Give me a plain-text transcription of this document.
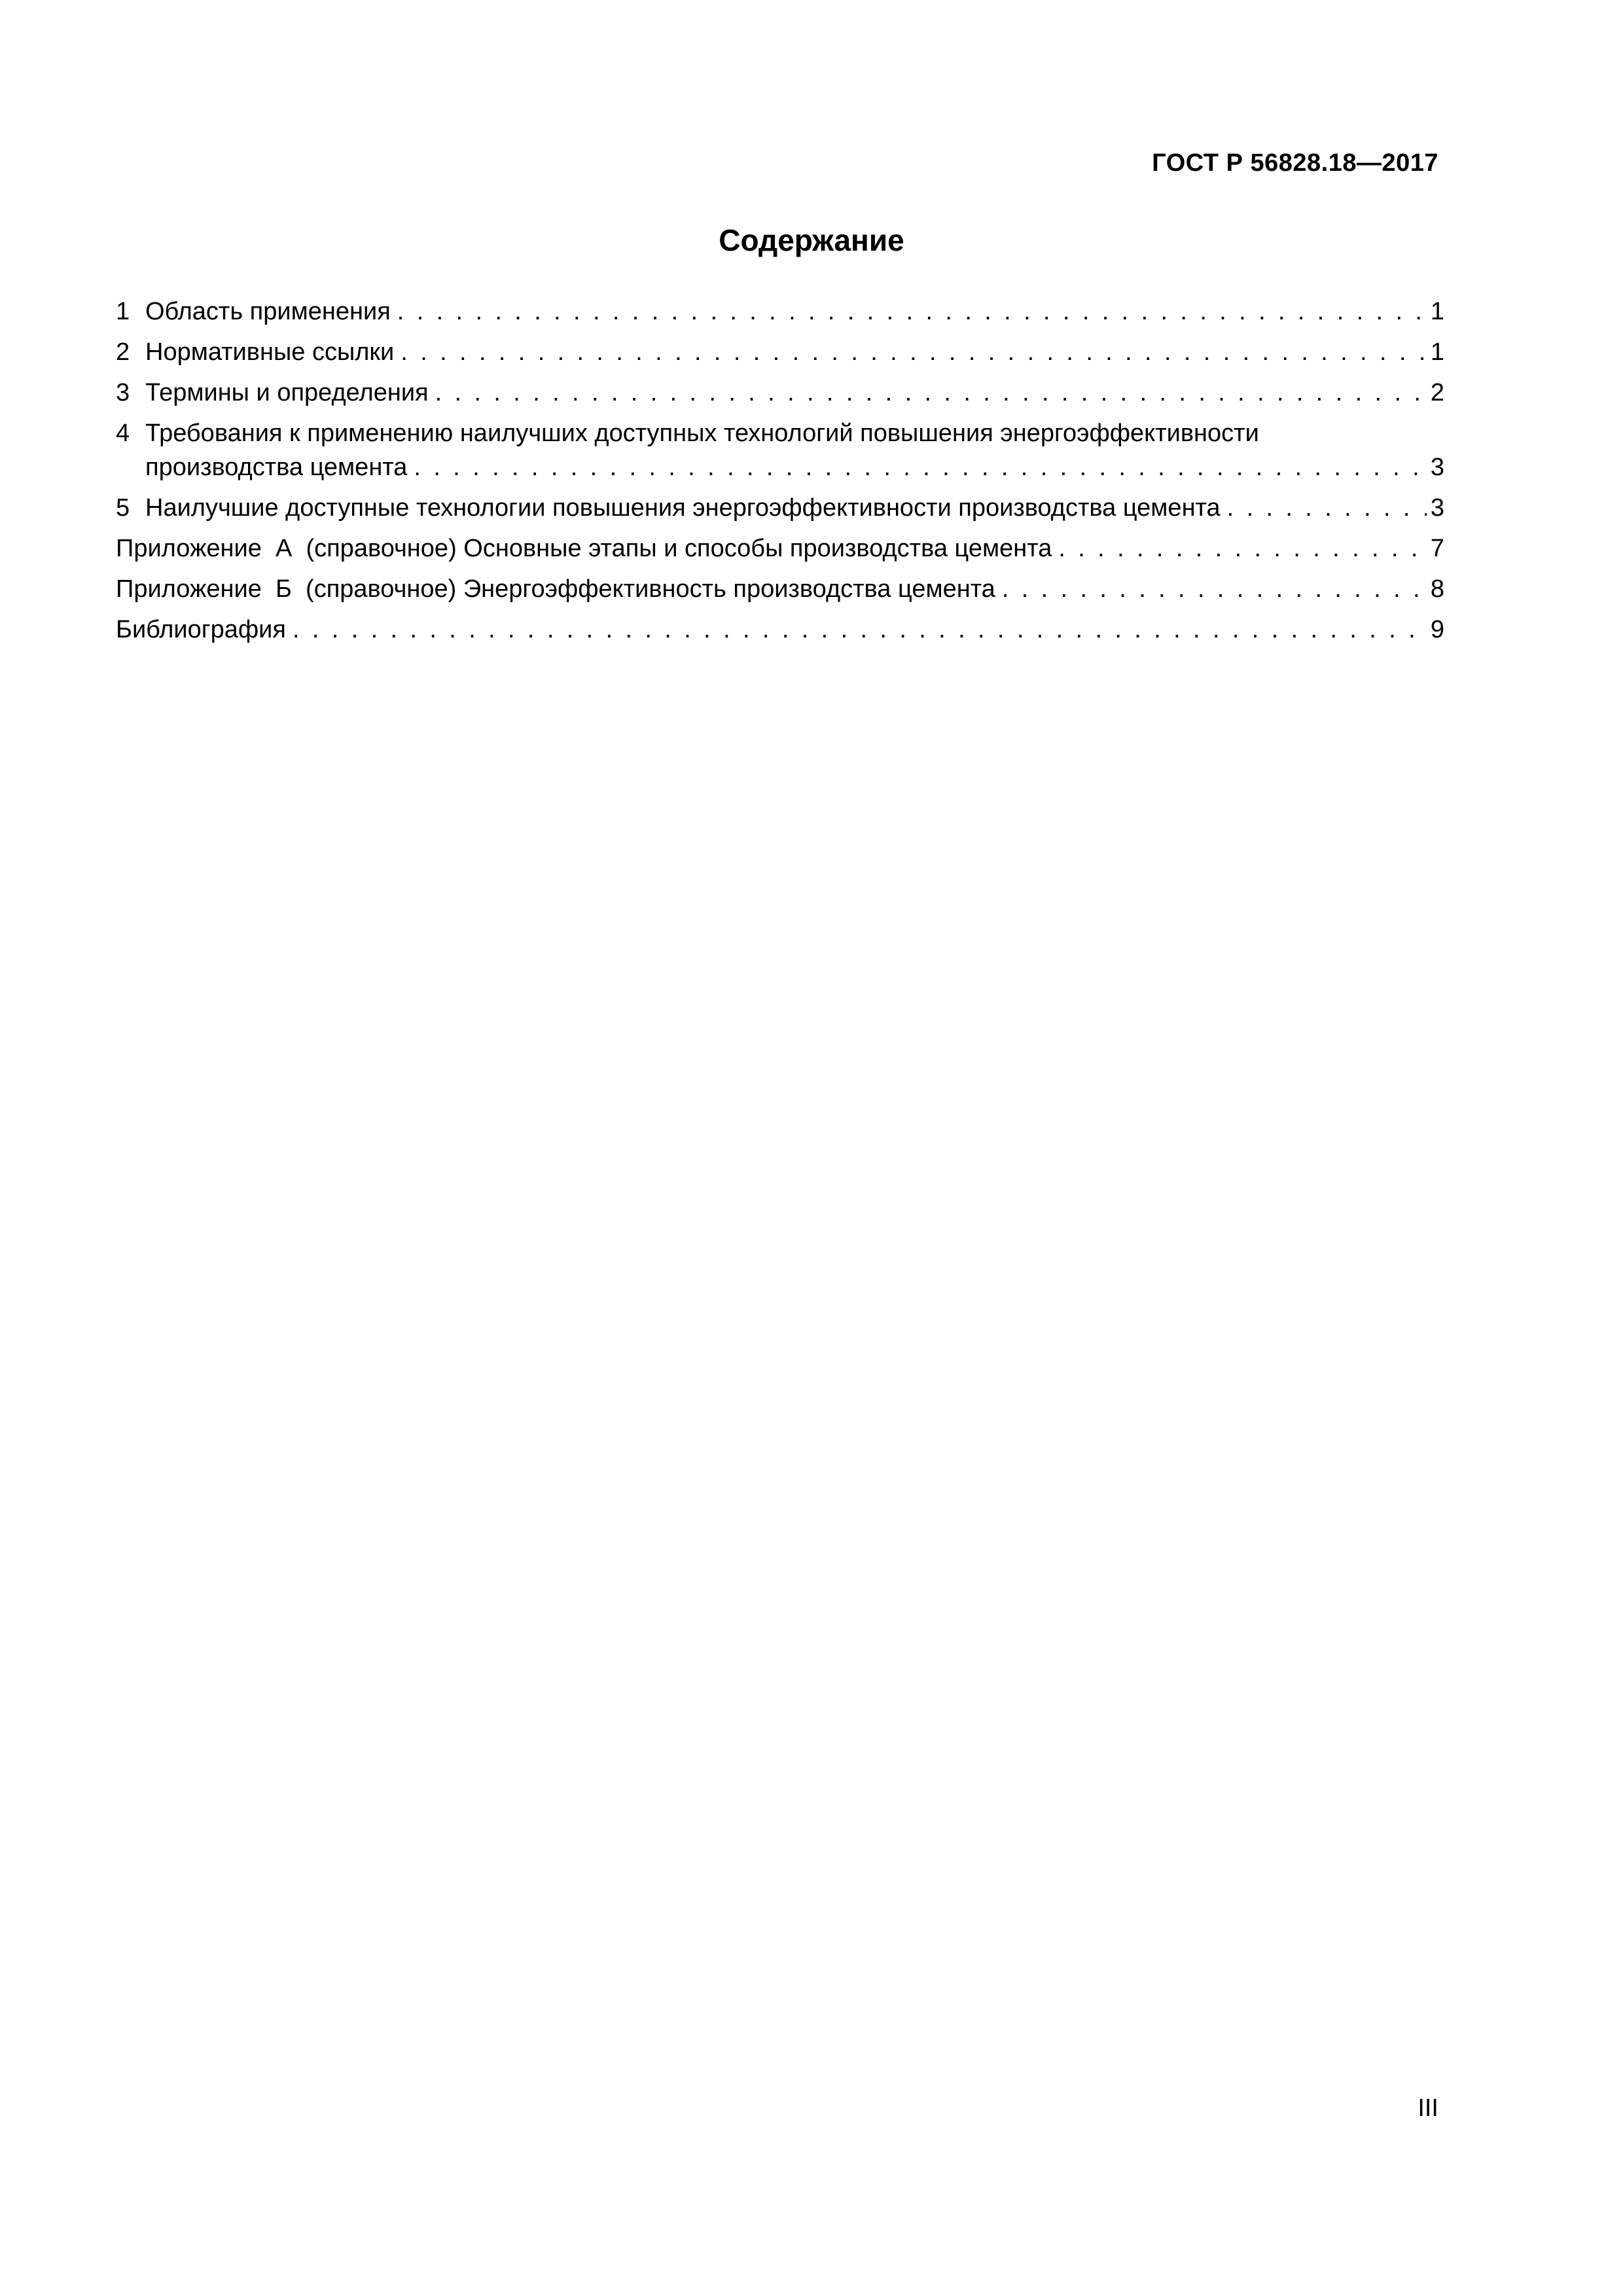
ГОСТ Р 56828.18—2017
Содержание
1 Область применения . . .	1
2 Нормативные ссылки . . .	1
3 Термины и определения . . .	2
4 Требования к применению наилучших доступных технологий повышения энергоэффективности
производства цемента . . .	3
5 Наилучшие доступные технологии повышения энергоэффективности производства цемента . . .	3
Приложение  А  (справочное) Основные этапы и способы производства цемента . . .	7
Приложение  Б  (справочное) Энергоэффективность производства цемента . . .	8
Библиография . . .	9
III
